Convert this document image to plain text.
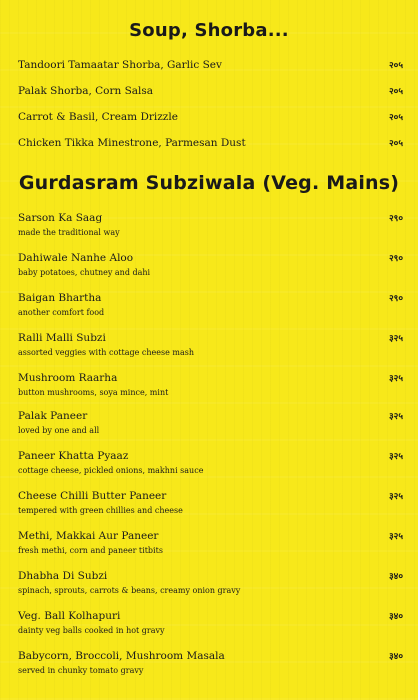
Soup, Shorba...
Tandoori Tamaatar Shorba, Garlic Sev	२०५
Palak Shorba, Corn Salsa	२०५
Carrot & Basil, Cream Drizzle	२०५
Chicken Tikka Minestrone, Parmesan Dust	२०५
Gurdasram Subziwala (Veg. Mains)
Sarson Ka Saag	२९०
made the traditional way
Dahiwale Nanhe Aloo	२९०
baby potatoes, chutney and dahi
Baigan Bhartha	२९०
another comfort food
Ralli Malli Subzi	३२५
assorted veggies with cottage cheese mash
Mushroom Raarha	३२५
button mushrooms, soya mince, mint
Palak Paneer	३२५
loved by one and all
Paneer Khatta Pyaaz	३२५
cottage cheese, pickled onions, makhni sauce
Cheese Chilli Butter Paneer	३२५
tempered with green chillies and cheese
Methi, Makkai Aur Paneer	३२५
fresh methi, corn and paneer titbits
Dhabha Di Subzi	३४०
spinach, sprouts, carrots & beans, creamy onion gravy
Veg. Ball Kolhapuri	३४०
dainty veg balls cooked in hot gravy
Babycorn, Broccoli, Mushroom Masala	३४०
served in chunky tomato gravy
